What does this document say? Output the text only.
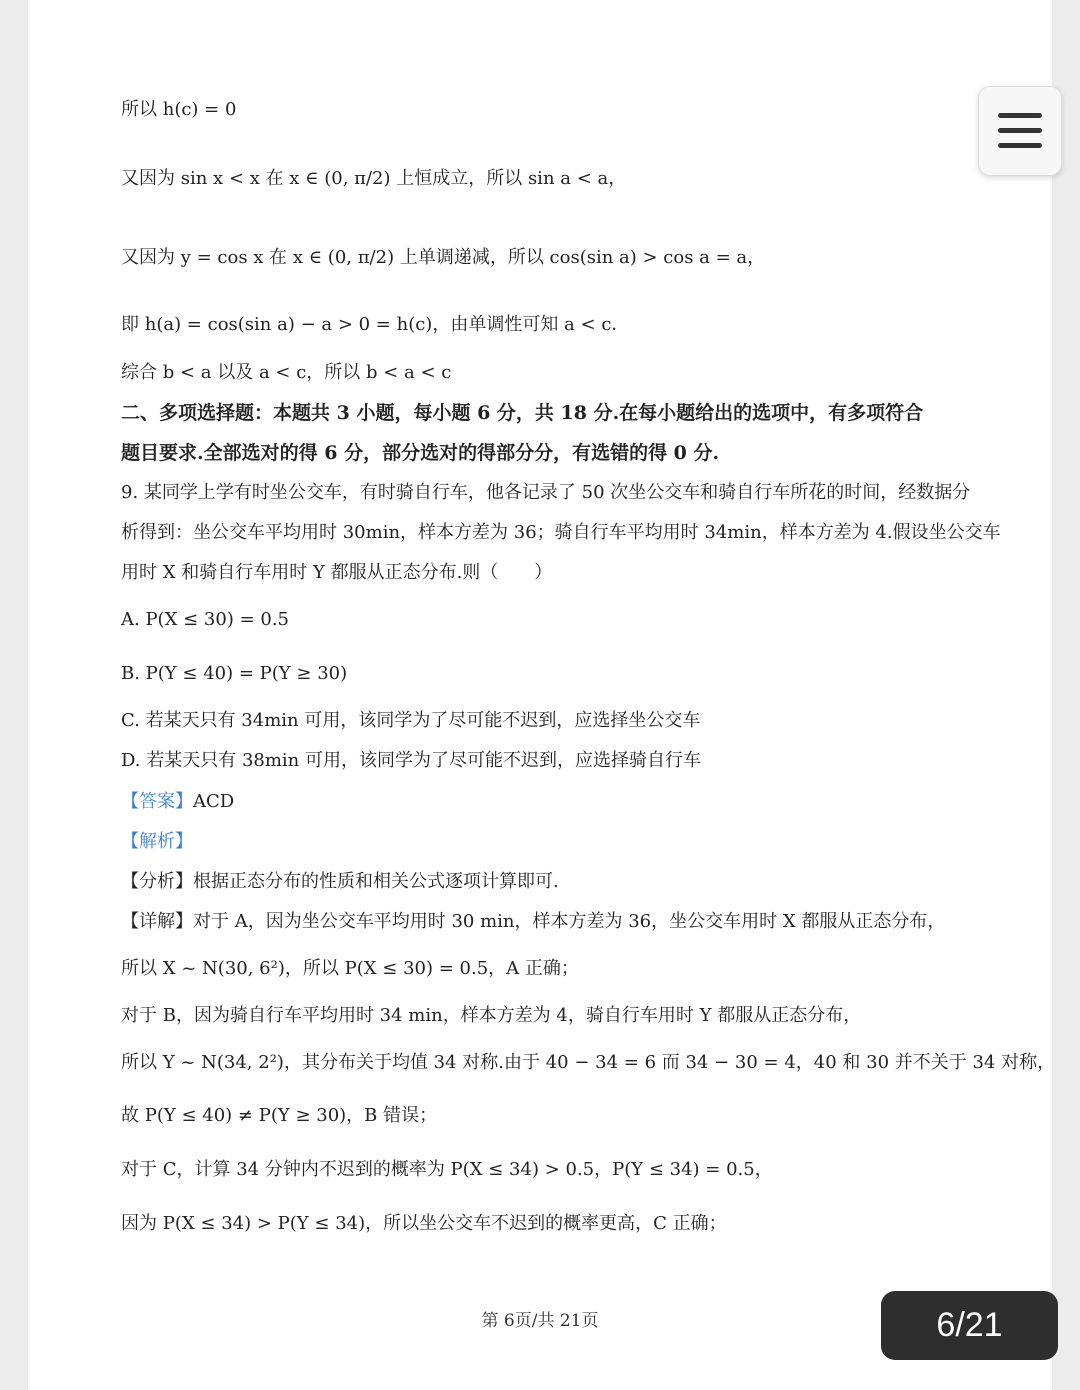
所以 h(c) = 0
又因为 sin x < x 在 x ∈ (0, π/2) 上恒成立，所以 sin a < a，
又因为 y = cos x 在 x ∈ (0, π/2) 上单调递减，所以 cos(sin a) > cos a = a，
即 h(a) = cos(sin a) − a > 0 = h(c)，由单调性可知 a < c．
综合 b < a 以及 a < c，所以 b < a < c
二、多项选择题：本题共 3 小题，每小题 6 分，共 18 分.在每小题给出的选项中，有多项符合
题目要求.全部选对的得 6 分，部分选对的得部分分，有选错的得 0 分.
9. 某同学上学有时坐公交车，有时骑自行车，他各记录了 50 次坐公交车和骑自行车所花的时间，经数据分
析得到：坐公交车平均用时 30min，样本方差为 36；骑自行车平均用时 34min，样本方差为 4.假设坐公交车
用时 X 和骑自行车用时 Y 都服从正态分布.则（　　）
A. P(X ≤ 30) = 0.5
B. P(Y ≤ 40) = P(Y ≥ 30)
C. 若某天只有 34min 可用，该同学为了尽可能不迟到，应选择坐公交车
D. 若某天只有 38min 可用，该同学为了尽可能不迟到，应选择骑自行车
【答案】ACD
【解析】
【分析】根据正态分布的性质和相关公式逐项计算即可.
【详解】对于 A，因为坐公交车平均用时 30 min，样本方差为 36，坐公交车用时 X 都服从正态分布，
所以 X ~ N(30, 6²)，所以 P(X ≤ 30) = 0.5，A 正确；
对于 B，因为骑自行车平均用时 34 min，样本方差为 4，骑自行车用时 Y 都服从正态分布，
所以 Y ~ N(34, 2²)，其分布关于均值 34 对称.由于 40 − 34 = 6 而 34 − 30 = 4，40 和 30 并不关于 34 对称，
故 P(Y ≤ 40) ≠ P(Y ≥ 30)，B 错误；
对于 C，计算 34 分钟内不迟到的概率为 P(X ≤ 34) > 0.5，P(Y ≤ 34) = 0.5，
因为 P(X ≤ 34) > P(Y ≤ 34)，所以坐公交车不迟到的概率更高，C 正确；
第 6页/共 21页	6/21
